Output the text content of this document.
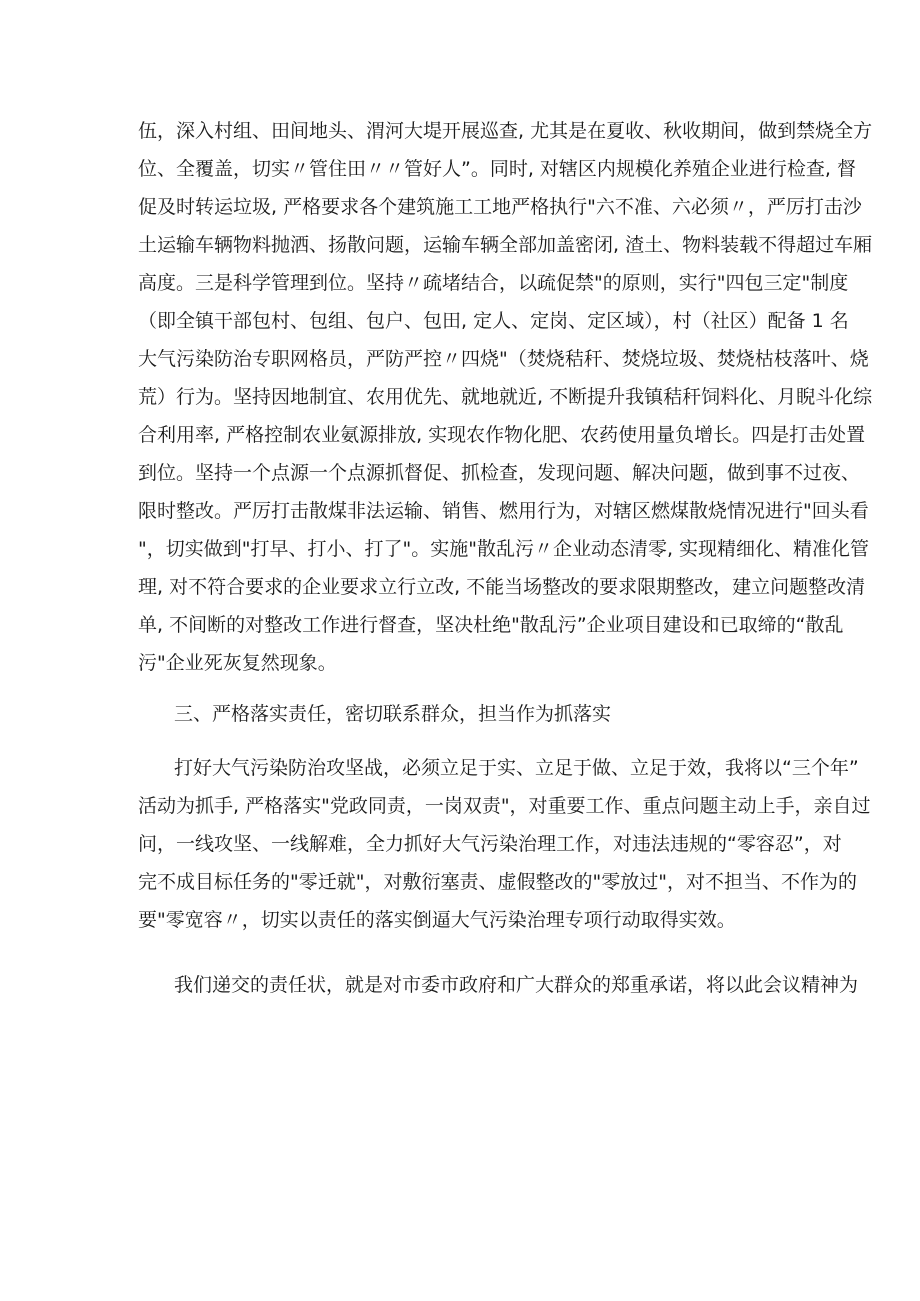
伍，深入村组、田间地头、渭河大堤开展巡查, 尤其是在夏收、秋收期间，做到禁烧全方
位、全覆盖，切实〃管住田〃〃管好人”。同时, 对辖区内规模化养殖企业进行检查, 督
促及时转运垃圾, 严格要求各个建筑施工工地严格执行"六不准、六必须〃，严厉打击沙
土运输车辆物料抛洒、扬散问题，运输车辆全部加盖密闭, 渣土、物料装载不得超过车厢
高度。三是科学管理到位。坚持〃疏堵结合，以疏促禁"的原则，实行"四包三定"制度
（即全镇干部包村、包组、包户、包田, 定人、定岗、定区域），村（社区）配备 1 名
大气污染防治专职网格员，严防严控〃四烧"（焚烧秸秆、焚烧垃圾、焚烧枯枝落叶、烧
荒）行为。坚持因地制宜、农用优先、就地就近, 不断提升我镇秸秆饲料化、月睨斗化综
合利用率, 严格控制农业氨源排放, 实现农作物化肥、农药使用量负增长。四是打击处置
到位。坚持一个点源一个点源抓督促、抓检查，发现问题、解决问题，做到事不过夜、
限时整改。严厉打击散煤非法运输、销售、燃用行为，对辖区燃煤散烧情况进行"回头看
"，切实做到"打早、打小、打了"。实施"散乱污〃企业动态清零, 实现精细化、精准化管
理, 对不符合要求的企业要求立行立改, 不能当场整改的要求限期整改，建立问题整改清
单, 不间断的对整改工作进行督查，坚决杜绝"散乱污”企业项目建设和已取缔的“散乱
污"企业死灰复然现象。
三、严格落实责任，密切联系群众，担当作为抓落实
打好大气污染防治攻坚战，必须立足于实、立足于做、立足于效，我将以“三个年”
活动为抓手, 严格落实"党政同责，一岗双责"，对重要工作、重点问题主动上手，亲自过
问，一线攻坚、一线解难，全力抓好大气污染治理工作，对违法违规的“零容忍”，对
完不成目标任务的"零迁就"，对敷衍塞责、虚假整改的"零放过"，对不担当、不作为的
要"零宽容〃，切实以责任的落实倒逼大气污染治理专项行动取得实效。
我们递交的责任状，就是对市委市政府和广大群众的郑重承诺，将以此会议精神为
